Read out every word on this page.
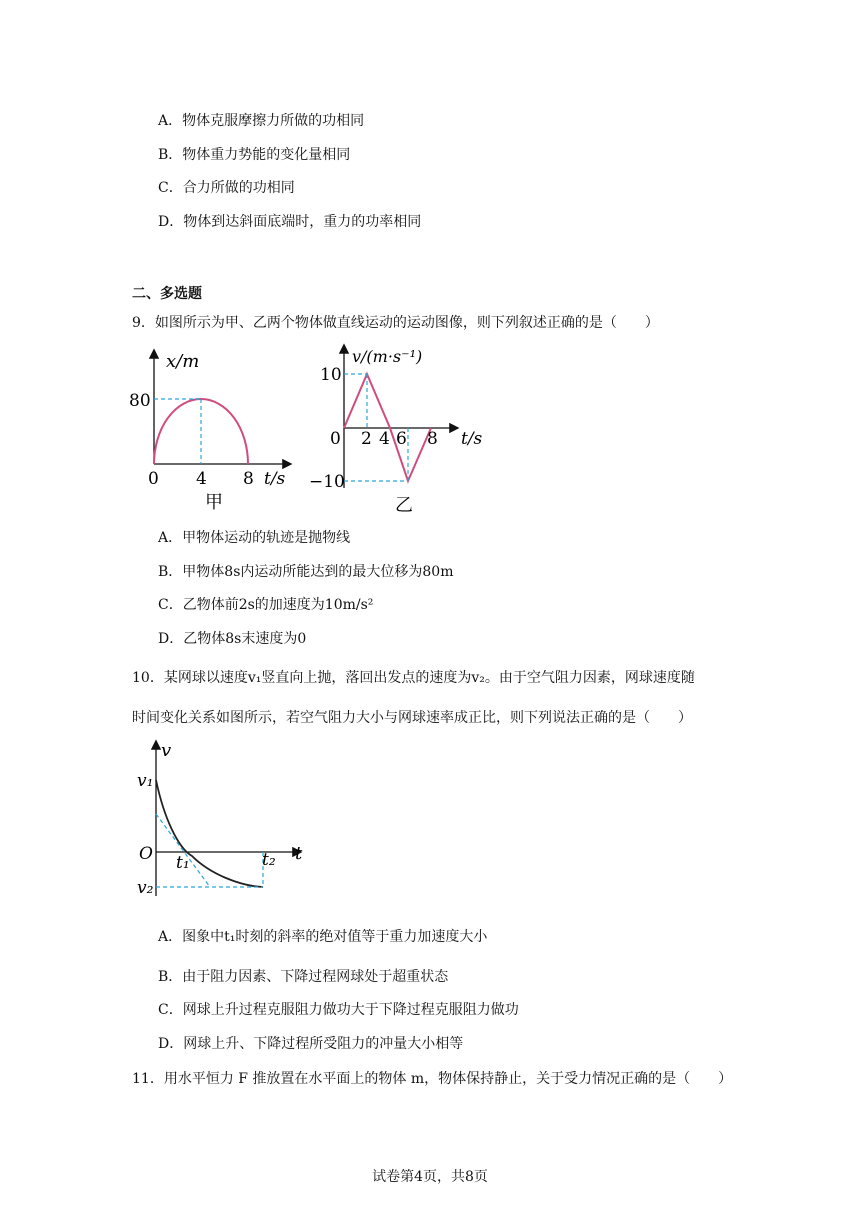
A．物体克服摩擦力所做的功相同
B．物体重力势能的变化量相同
C．合力所做的功相同
D．物体到达斜面底端时，重力的功率相同
二、多选题
9．如图所示为甲、乙两个物体做直线运动的运动图像，则下列叙述正确的是（　　）
x/m
80
0 4 8 t/s
甲
v/(m·s⁻¹)
10
0 2 4 6 8 t/s
−10
乙
A．甲物体运动的轨迹是抛物线
B．甲物体8s内运动所能达到的最大位移为80m
C．乙物体前2s的加速度为10m/s²
D．乙物体8s末速度为0
10．某网球以速度v₁竖直向上抛，落回出发点的速度为v₂。由于空气阻力因素，网球速度随
时间变化关系如图所示，若空气阻力大小与网球速率成正比，则下列说法正确的是（　　）
v
v₁
O t₁	t₂ t
v₂
A．图象中t₁时刻的斜率的绝对值等于重力加速度大小
B．由于阻力因素、下降过程网球处于超重状态
C．网球上升过程克服阻力做功大于下降过程克服阻力做功
D．网球上升、下降过程所受阻力的冲量大小相等
11．用水平恒力 F 推放置在水平面上的物体 m，物体保持静止，关于受力情况正确的是（　　）
试卷第4页，共8页
